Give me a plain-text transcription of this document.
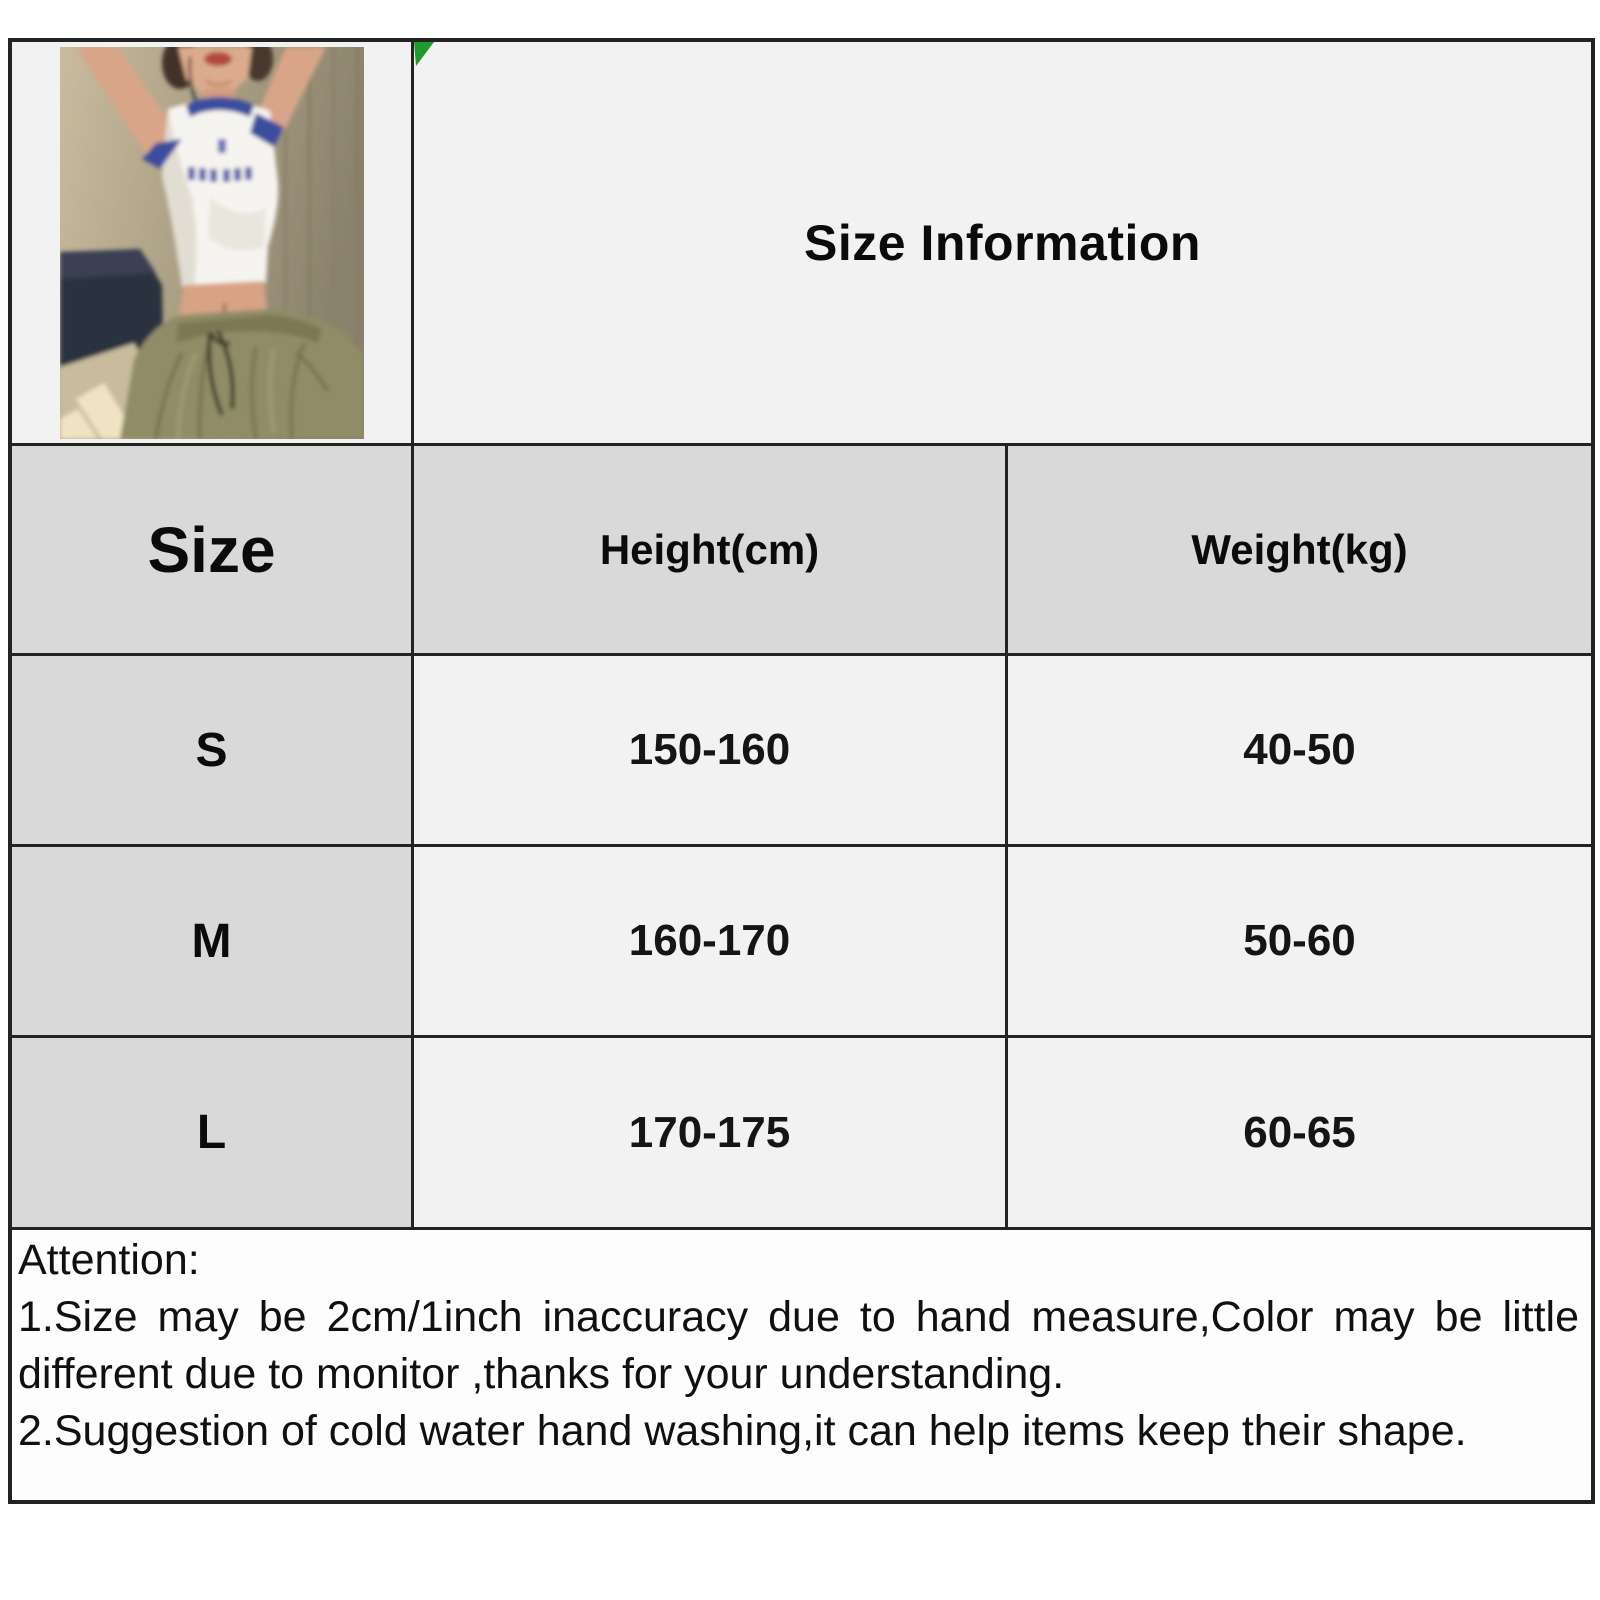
Size Information
Size	Height(cm)	Weight(kg)
S	150-160	40-50
M	160-170	50-60
L	170-175	60-65

Attention:

1.Size may be 2cm/1inch inaccuracy due to hand measure,Color may be little different due to monitor ,thanks for your understanding.

2.Suggestion of cold water hand washing,it can help items keep their shape.
